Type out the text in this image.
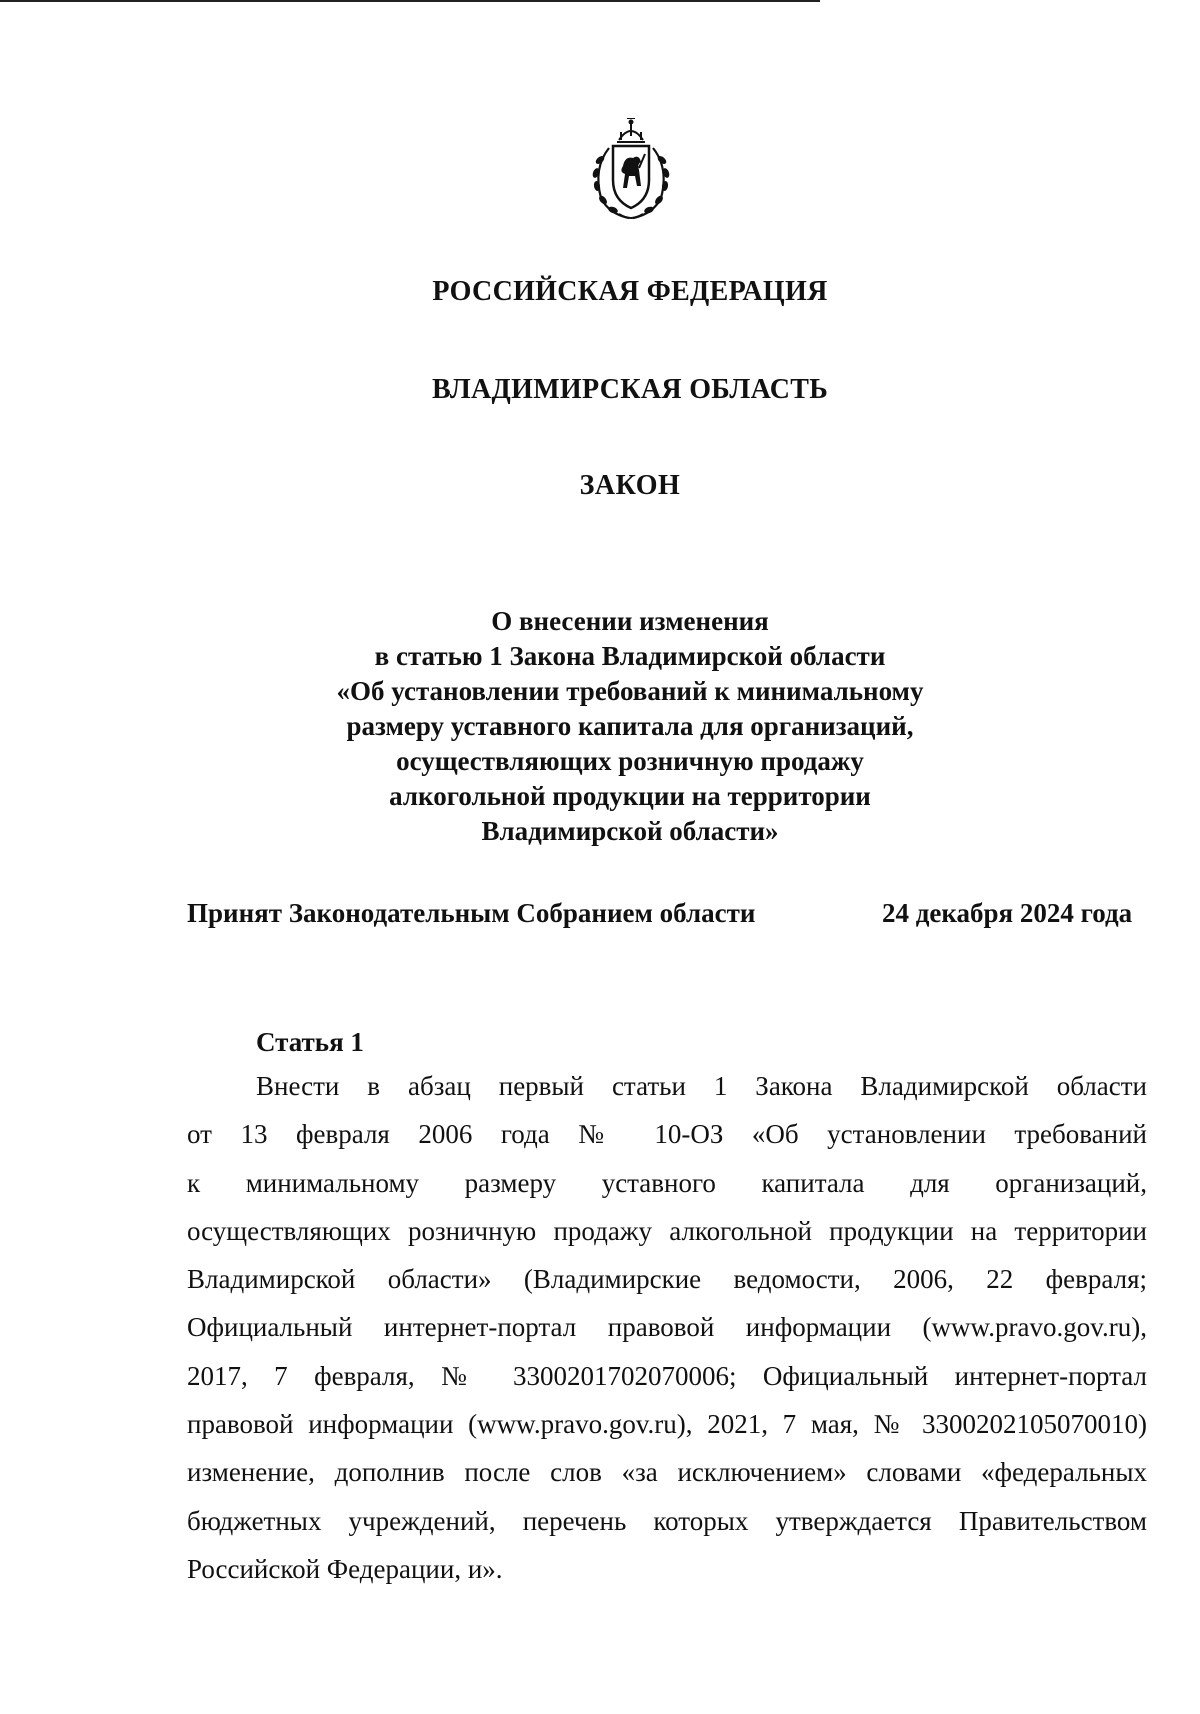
РОССИЙСКАЯ ФЕДЕРАЦИЯ
ВЛАДИМИРСКАЯ ОБЛАСТЬ
ЗАКОН
О внесении изменения
в статью 1 Закона Владимирской области
«Об установлении требований к минимальному
размеру уставного капитала для организаций,
осуществляющих розничную продажу
алкогольной продукции на территории
Владимирской области»
Принят Законодательным Собранием области	24 декабря 2024 года
Статья 1
Внести в абзац первый статьи 1 Закона Владимирской области
от 13 февраля 2006 года № 10-ОЗ «Об установлении требований
к минимальному размеру уставного капитала для организаций,
осуществляющих розничную продажу алкогольной продукции на территории
Владимирской области» (Владимирские ведомости, 2006, 22 февраля;
Официальный интернет-портал правовой информации (www.pravo.gov.ru),
2017, 7 февраля, № 3300201702070006; Официальный интернет-портал
правовой информации (www.pravo.gov.ru), 2021, 7 мая, № 3300202105070010)
изменение, дополнив после слов «за исключением» словами «федеральных
бюджетных учреждений, перечень которых утверждается Правительством
Российской Федерации, и».
